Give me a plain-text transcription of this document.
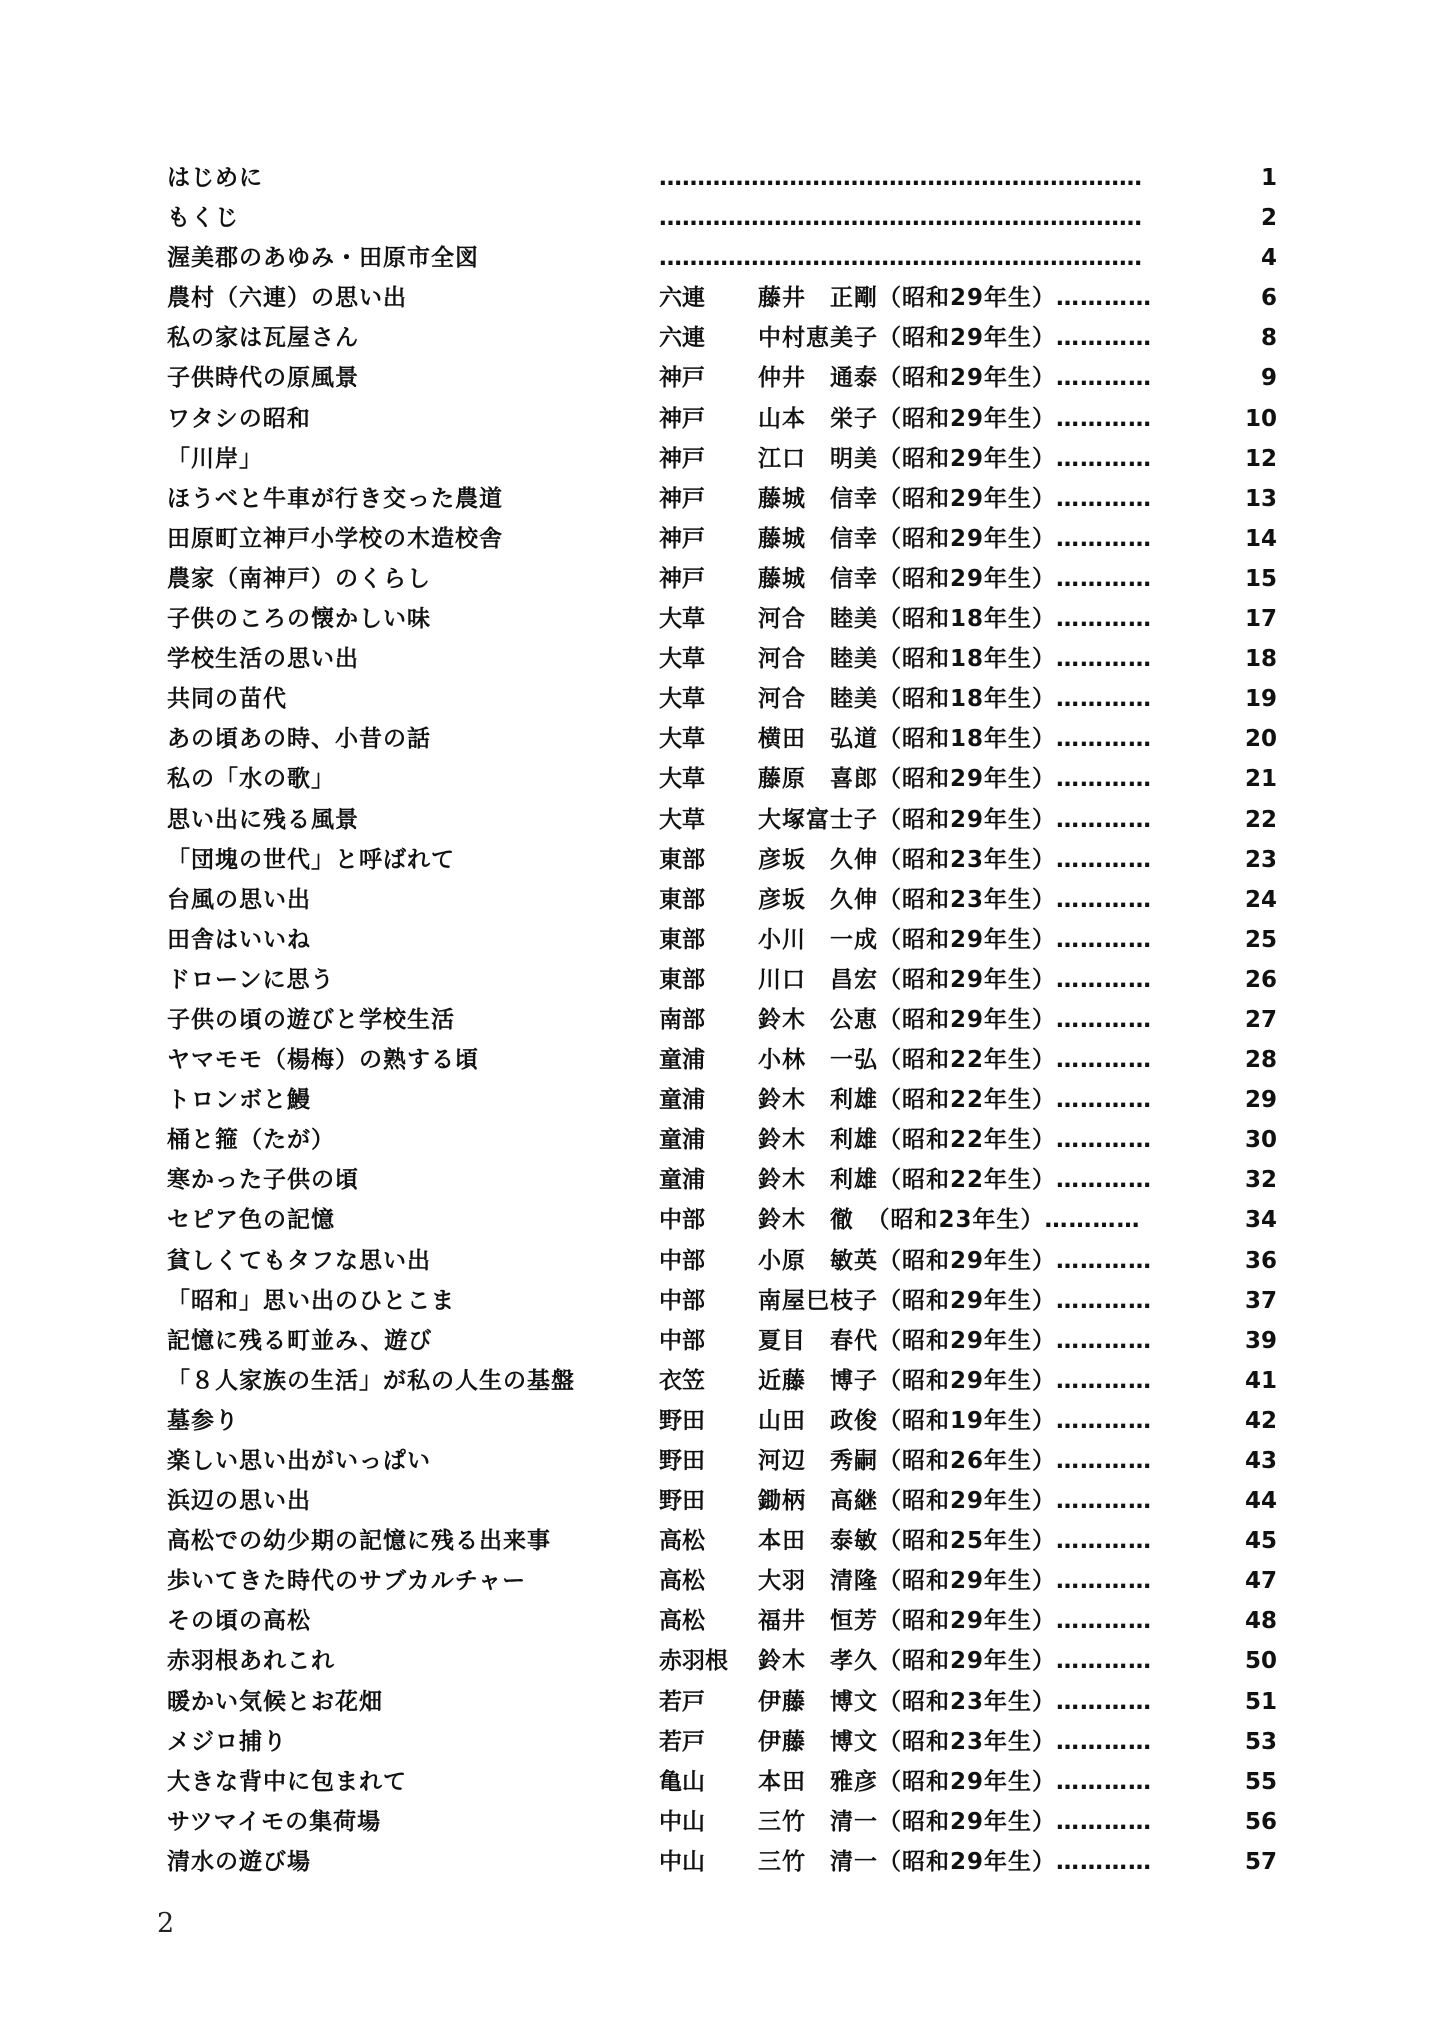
はじめに	………………………………………………………	1
もくじ	………………………………………………………	2
渥美郡のあゆみ・田原市全図	………………………………………………………	4
農村（六連）の思い出	六連 藤井　正剛（昭和29年生）…………	6
私の家は瓦屋さん	六連 中村恵美子（昭和29年生）…………	8
子供時代の原風景	神戸 仲井　通泰（昭和29年生）…………	9
ワタシの昭和	神戸 山本　栄子（昭和29年生）…………	10
「川岸」	神戸 江口　明美（昭和29年生）…………	12
ほうべと牛車が行き交った農道	神戸 藤城　信幸（昭和29年生）…………	13
田原町立神戸小学校の木造校舎	神戸 藤城　信幸（昭和29年生）…………	14
農家（南神戸）のくらし	神戸 藤城　信幸（昭和29年生）…………	15
子供のころの懐かしい味	大草 河合　睦美（昭和18年生）…………	17
学校生活の思い出	大草 河合　睦美（昭和18年生）…………	18
共同の苗代	大草 河合　睦美（昭和18年生）…………	19
あの頃あの時、小昔の話	大草 横田　弘道（昭和18年生）…………	20
私の「水の歌」	大草 藤原　喜郎（昭和29年生）…………	21
思い出に残る風景	大草 大塚富士子（昭和29年生）…………	22
「団塊の世代」と呼ばれて	東部 彦坂　久伸（昭和23年生）…………	23
台風の思い出	東部 彦坂　久伸（昭和23年生）…………	24
田舎はいいね	東部 小川　一成（昭和29年生）…………	25
ドローンに思う	東部 川口　昌宏（昭和29年生）…………	26
子供の頃の遊びと学校生活	南部 鈴木　公恵（昭和29年生）…………	27
ヤマモモ（楊梅）の熟する頃	童浦 小林　一弘（昭和22年生）…………	28
トロンボと鰻	童浦 鈴木　利雄（昭和22年生）…………	29
桶と箍（たが）	童浦 鈴木　利雄（昭和22年生）…………	30
寒かった子供の頃	童浦 鈴木　利雄（昭和22年生）…………	32
セピア色の記憶	中部 鈴木　徹　（昭和23年生）…………	34
貧しくてもタフな思い出	中部 小原　敏英（昭和29年生）…………	36
「昭和」思い出のひとこま	中部 南屋巳枝子（昭和29年生）…………	37
記憶に残る町並み、遊び	中部 夏目　春代（昭和29年生）…………	39
「８人家族の生活」が私の人生の基盤	衣笠 近藤　博子（昭和29年生）…………	41
墓参り	野田 山田　政俊（昭和19年生）…………	42
楽しい思い出がいっぱい	野田 河辺　秀嗣（昭和26年生）…………	43
浜辺の思い出	野田 鋤柄　高継（昭和29年生）…………	44
高松での幼少期の記憶に残る出来事	高松 本田　泰敏（昭和25年生）…………	45
歩いてきた時代のサブカルチャー	高松 大羽　清隆（昭和29年生）…………	47
その頃の高松	高松 福井　恒芳（昭和29年生）…………	48
赤羽根あれこれ	赤羽根 鈴木　孝久（昭和29年生）…………	50
暖かい気候とお花畑	若戸 伊藤　博文（昭和23年生）…………	51
メジロ捕り	若戸 伊藤　博文（昭和23年生）…………	53
大きな背中に包まれて	亀山 本田　雅彦（昭和29年生）…………	55
サツマイモの集荷場	中山 三竹　清一（昭和29年生）…………	56
清水の遊び場	中山 三竹　清一（昭和29年生）…………	57
2
